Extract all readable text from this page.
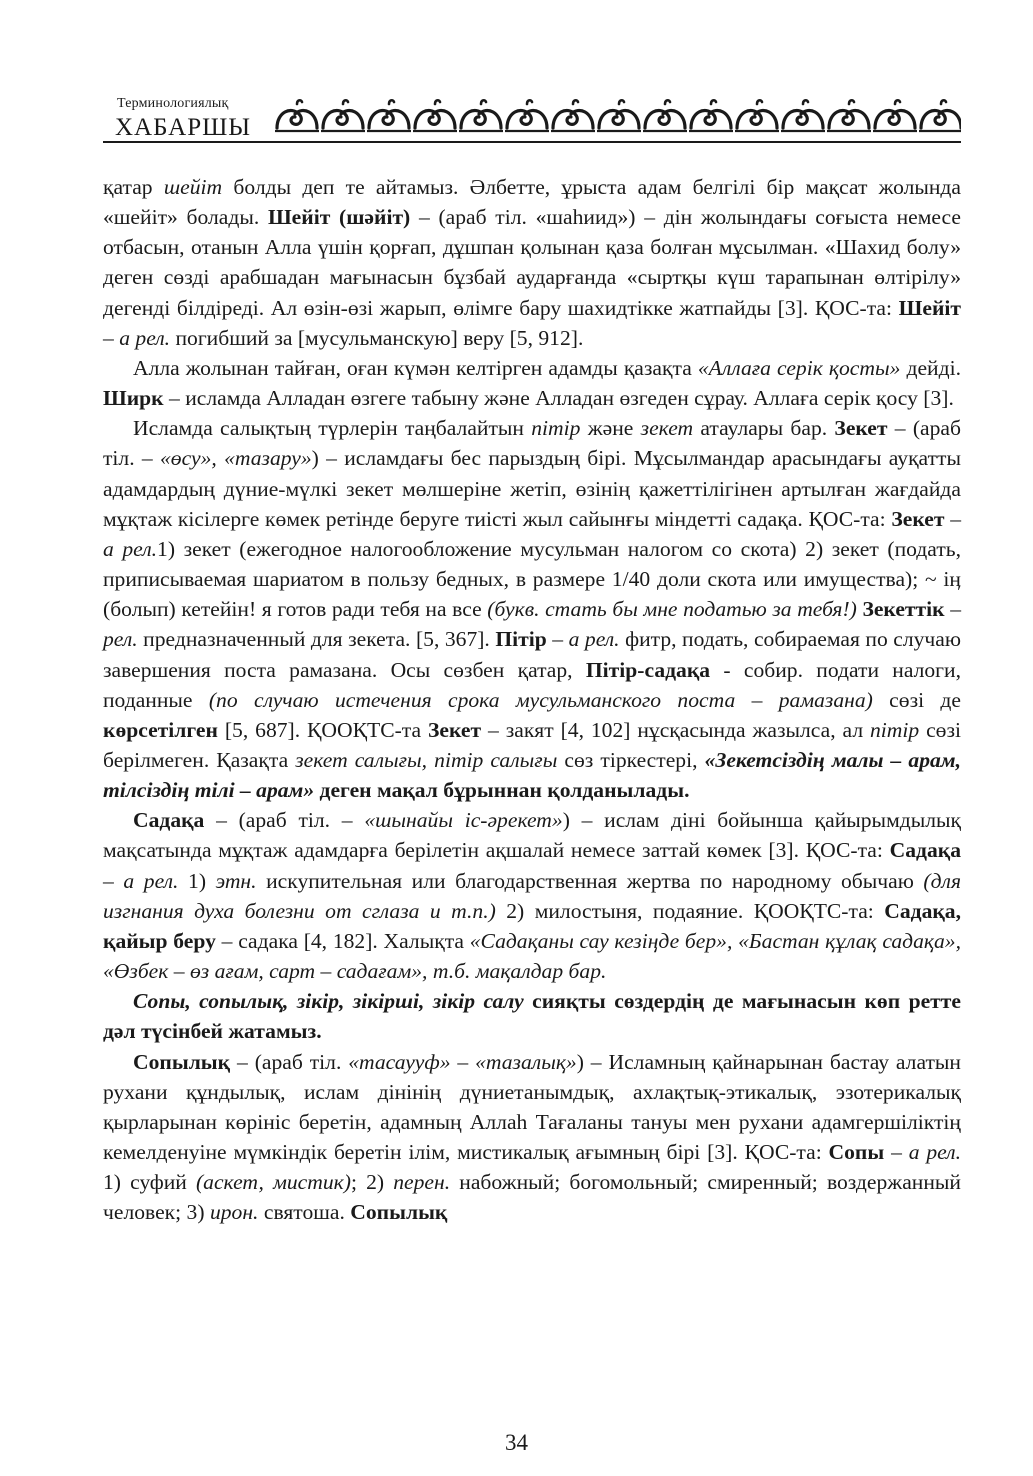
Терминологиялық
ХАБАРШЫ

қатар шейіт болды деп те айтамыз. Әлбетте, ұрыста адам белгілі бір мақсат жолында «шейіт» болады. Шейіт (шәйіт) – (араб тіл. «шаһиид») – дін жолындағы соғыста немесе отбасын, отанын Алла үшін қорғап, дұшпан қолынан қаза болған мұсылман. «Шахид болу» деген сөзді арабшадан мағынасын бұзбай аударғанда «сыртқы күш тарапынан өлтірілу» дегенді білдіреді. Ал өзін-өзі жарып, өлімге бару шахидтікке жатпайды [3]. ҚОС-та: Шейіт – а рел. погибший за [мусульманскую] веру [5, 912].

Алла жолынан тайған, оған күмән келтірген адамды қазақта «Аллаға серік қосты» дейді. Ширк – исламда Алладан өзгеге табыну және Алладан өзгеден сұрау. Аллаға серік қосу [3].

Исламда салықтың түрлерін таңбалайтын пітір және зекет атаулары бар. Зекет – (араб тіл. – «өсу», «тазару») – исламдағы бес парыздың бірі. Мұсылмандар арасындағы ауқатты адамдардың дүние-мүлкі зекет мөлшеріне жетіп, өзінің қажеттілігінен артылған жағдайда мұқтаж кісілерге көмек ретінде беруге тиісті жыл сайынғы міндетті садақа. ҚОС-та: Зекет – а рел.1) зекет (ежегодное налогообложение мусульман налогом со скота) 2) зекет (подать, приписываемая шариатом в пользу бедных, в размере 1/40 доли скота или имущества); ~ іӊ (болып) кетейін! я готов ради тебя на все (букв. стать бы мне податью за тебя!) Зекеттік – рел. предназначенный для зекета. [5, 367]. Пітір – а рел. фитр, подать, собираемая по случаю завершения поста рамазана. Осы сөзбен қатар, Пітір-садақа - собир. подати налоги, поданные (по случаю истечения срока мусульманского поста – рамазана) сөзі де көрсетілген [5, 687]. ҚООҚТС-та Зекет – закят [4, 102] нұсқасында жазылса, ал пітір сөзі берілмеген. Қазақта зекет салығы, пітір салығы сөз тіркестері, «Зекетсіздің малы – арам, тілсіздің тілі – арам» деген мақал бұрыннан қолданылады.

Садақа – (араб тіл. – «шынайы іс-әрекет») – ислам діні бойынша қайырымдылық мақсатында мұқтаж адамдарға берілетін ақшалай немесе заттай көмек [3]. ҚОС-та: Садақа – а рел. 1) этн. искупительная или благодарственная жертва по народному обычаю (для изгнания духа болезни от сглаза и т.п.) 2) милостыня, подаяние. ҚООҚТС-та: Садақа, қайыр беру – садака [4, 182]. Халықта «Садақаны сау кезіңде бер», «Бастан құлақ садақа», «Өзбек – өз ағам, сарт – садағам», т.б. мақалдар бар.

Сопы, сопылық, зікір, зікірші, зікір салу сияқты сөздердің де мағынасын көп ретте дәл түсінбей жатамыз.

Сопылық – (араб тіл. «тасаууф» – «тазалық») – Исламның қайнарынан бастау алатын рухани құндылық, ислам дінінің дүниетанымдық, ахлақтық-этикалық, эзотерикалық қырларынан көрініс беретін, адамның Аллаһ Тағаланы тануы мен рухани адамгершіліктің кемелденуіне мүмкіндік беретін ілім, мистикалық ағымның бірі [3]. ҚОС-та: Сопы – а рел. 1) суфий (аскет, мистик); 2) перен. набожный; богомольный; смиренный; воздержанный человек; 3) ирон. святоша. Сопылық

34
